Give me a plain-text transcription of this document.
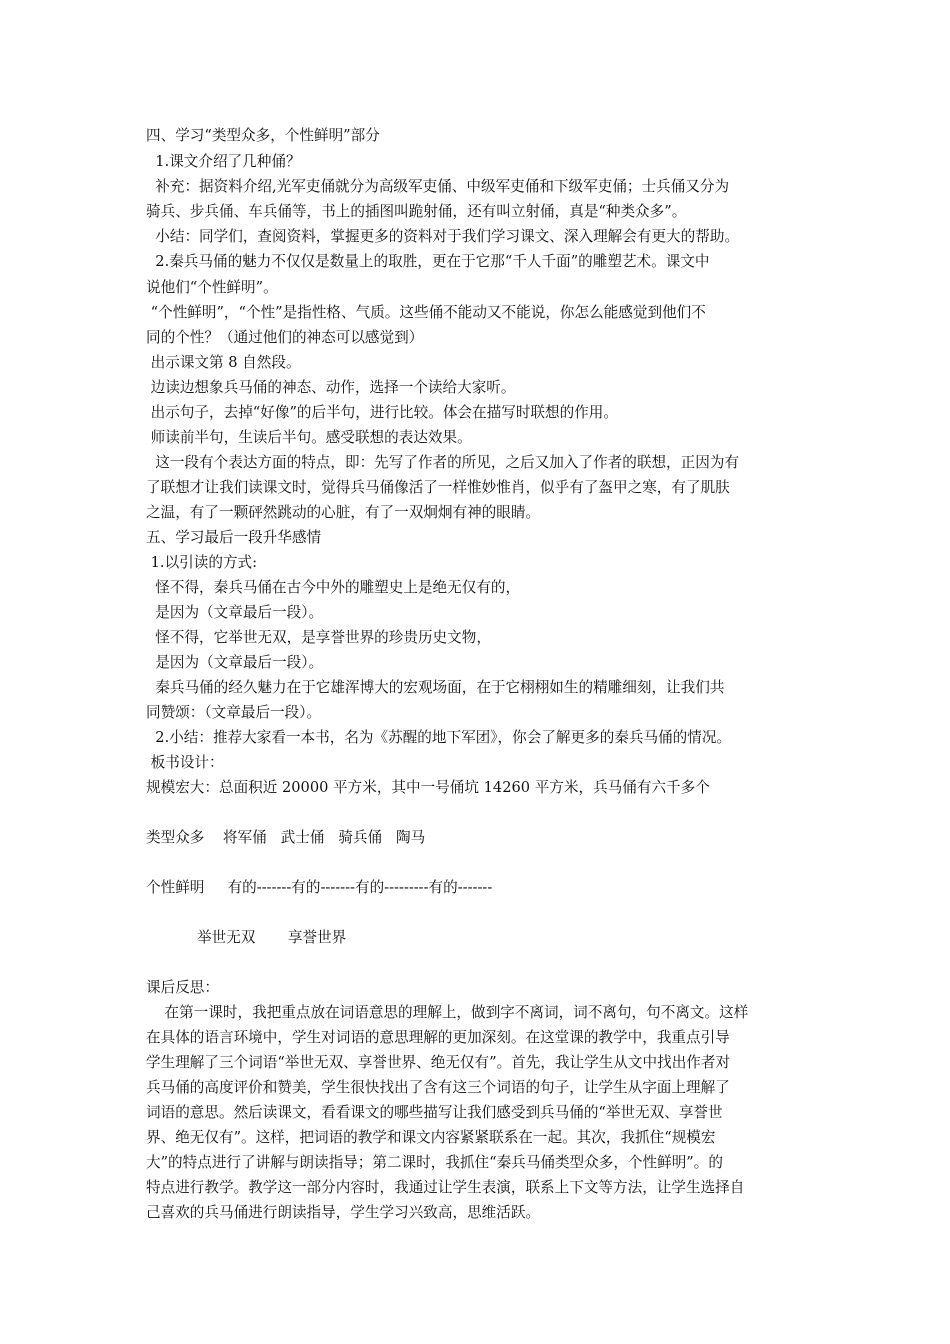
四、学习“类型众多，个性鲜明”部分
1.课文介绍了几种俑？
补充：据资料介绍,光军吏俑就分为高级军吏俑、中级军吏俑和下级军吏俑；士兵俑又分为
骑兵、步兵俑、车兵俑等，书上的插图叫跪射俑，还有叫立射俑，真是“种类众多”。
小结：同学们，查阅资料，掌握更多的资料对于我们学习课文、深入理解会有更大的帮助。
2.秦兵马俑的魅力不仅仅是数量上的取胜，更在于它那“千人千面”的雕塑艺术。课文中
说他们“个性鲜明”。
“个性鲜明”，“个性”是指性格、气质。这些俑不能动又不能说，你怎么能感觉到他们不
同的个性？（通过他们的神态可以感觉到）
出示课文第 8 自然段。
边读边想象兵马俑的神态、动作，选择一个读给大家听。
出示句子，去掉“好像”的后半句，进行比较。体会在描写时联想的作用。
师读前半句，生读后半句。感受联想的表达效果。
这一段有个表达方面的特点，即：先写了作者的所见，之后又加入了作者的联想，正因为有
了联想才让我们读课文时，觉得兵马俑像活了一样惟妙惟肖，似乎有了盔甲之寒，有了肌肤
之温，有了一颗砰然跳动的心脏，有了一双炯炯有神的眼睛。
五、学习最后一段升华感情
1.以引读的方式:
怪不得，秦兵马俑在古今中外的雕塑史上是绝无仅有的，
是因为（文章最后一段）。
怪不得，它举世无双，是享誉世界的珍贵历史文物，
是因为（文章最后一段）。
秦兵马俑的经久魅力在于它雄浑博大的宏观场面，在于它栩栩如生的精雕细刻，让我们共
同赞颂：（文章最后一段）。
2.小结：推荐大家看一本书，名为《苏醒的地下军团》，你会了解更多的秦兵马俑的情况。
板书设计：
规模宏大：总面积近 20000 平方米，其中一号俑坑 14260 平方米，兵马俑有六千多个
类型众多    将军俑   武士俑   骑兵俑   陶马
个性鲜明     有的-------有的-------有的---------有的-------
举世无双       享誉世界
课后反思：
在第一课时，我把重点放在词语意思的理解上，做到字不离词，词不离句，句不离文。这样
在具体的语言环境中，学生对词语的意思理解的更加深刻。在这堂课的教学中，我重点引导
学生理解了三个词语“举世无双、享誉世界、绝无仅有”。首先，我让学生从文中找出作者对
兵马俑的高度评价和赞美，学生很快找出了含有这三个词语的句子，让学生从字面上理解了
词语的意思。然后读课文，看看课文的哪些描写让我们感受到兵马俑的“举世无双、享誉世
界、绝无仅有”。这样，把词语的教学和课文内容紧紧联系在一起。其次，我抓住“规模宏
大”的特点进行了讲解与朗读指导；第二课时，我抓住“秦兵马俑类型众多，个性鲜明”。的
特点进行教学。教学这一部分内容时，我通过让学生表演，联系上下文等方法，让学生选择自
己喜欢的兵马俑进行朗读指导，学生学习兴致高，思维活跃。
